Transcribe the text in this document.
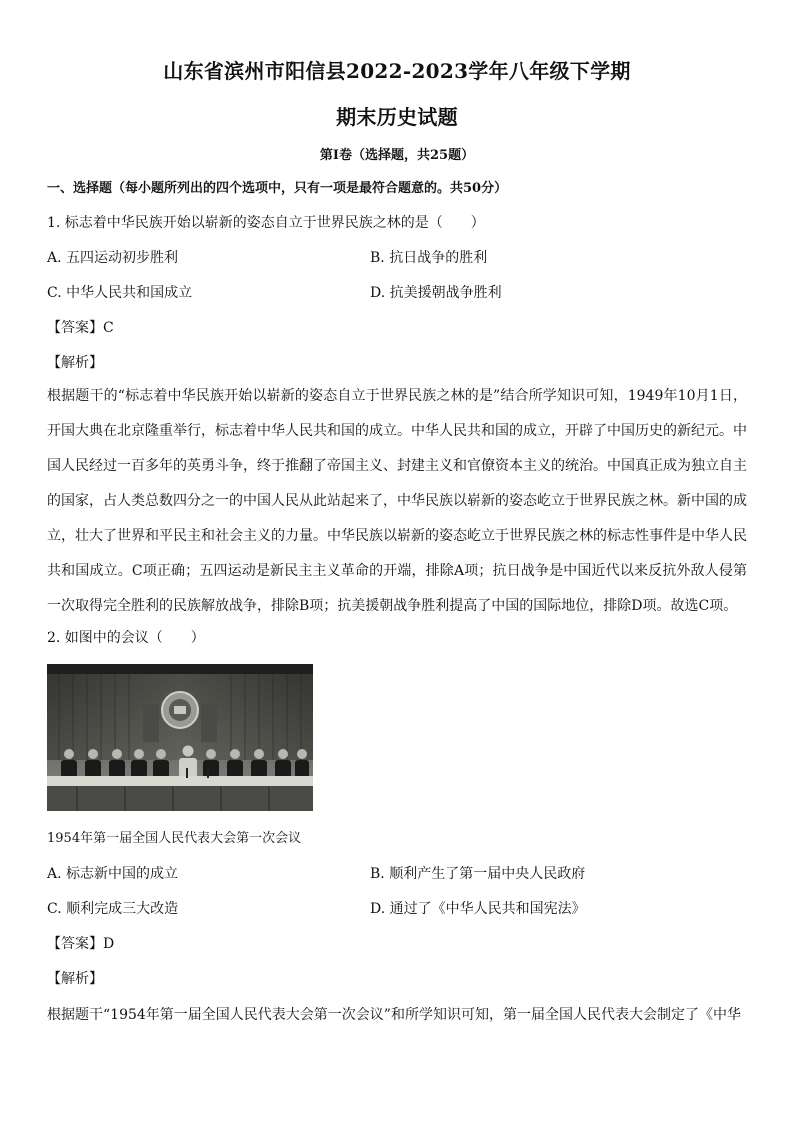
山东省滨州市阳信县2022-2023学年八年级下学期
期末历史试题
第Ⅰ卷（选择题，共25题）
一、选择题（每小题所列出的四个选项中，只有一项是最符合题意的。共50分）
1. 标志着中华民族开始以崭新的姿态自立于世界民族之林的是（　　）
A. 五四运动初步胜利	B. 抗日战争的胜利
C. 中华人民共和国成立	D. 抗美援朝战争胜利
【答案】C
【解析】
根据题干的“标志着中华民族开始以崭新的姿态自立于世界民族之林的是”结合所学知识可知，1949年10月1日，开国大典在北京隆重举行，标志着中华人民共和国的成立。中华人民共和国的成立，开辟了中国历史的新纪元。中国人民经过一百多年的英勇斗争，终于推翻了帝国主义、封建主义和官僚资本主义的统治。中国真正成为独立自主的国家，占人类总数四分之一的中国人民从此站起来了，中华民族以崭新的姿态屹立于世界民族之林。新中国的成立，壮大了世界和平民主和社会主义的力量。中华民族以崭新的姿态屹立于世界民族之林的标志性事件是中华人民共和国成立。C项正确；五四运动是新民主主义革命的开端，排除A项；抗日战争是中国近代以来反抗外敌人侵第一次取得完全胜利的民族解放战争，排除B项；抗美援朝战争胜利提高了中国的国际地位，排除D项。故选C项。
2. 如图中的会议（　　）
1954年第一届全国人民代表大会第一次会议
A. 标志新中国的成立	B. 顺利产生了第一届中央人民政府
C. 顺利完成三大改造	D. 通过了《中华人民共和国宪法》
【答案】D
【解析】
根据题干“1954年第一届全国人民代表大会第一次会议”和所学知识可知，第一届全国人民代表大会制定了《中华
